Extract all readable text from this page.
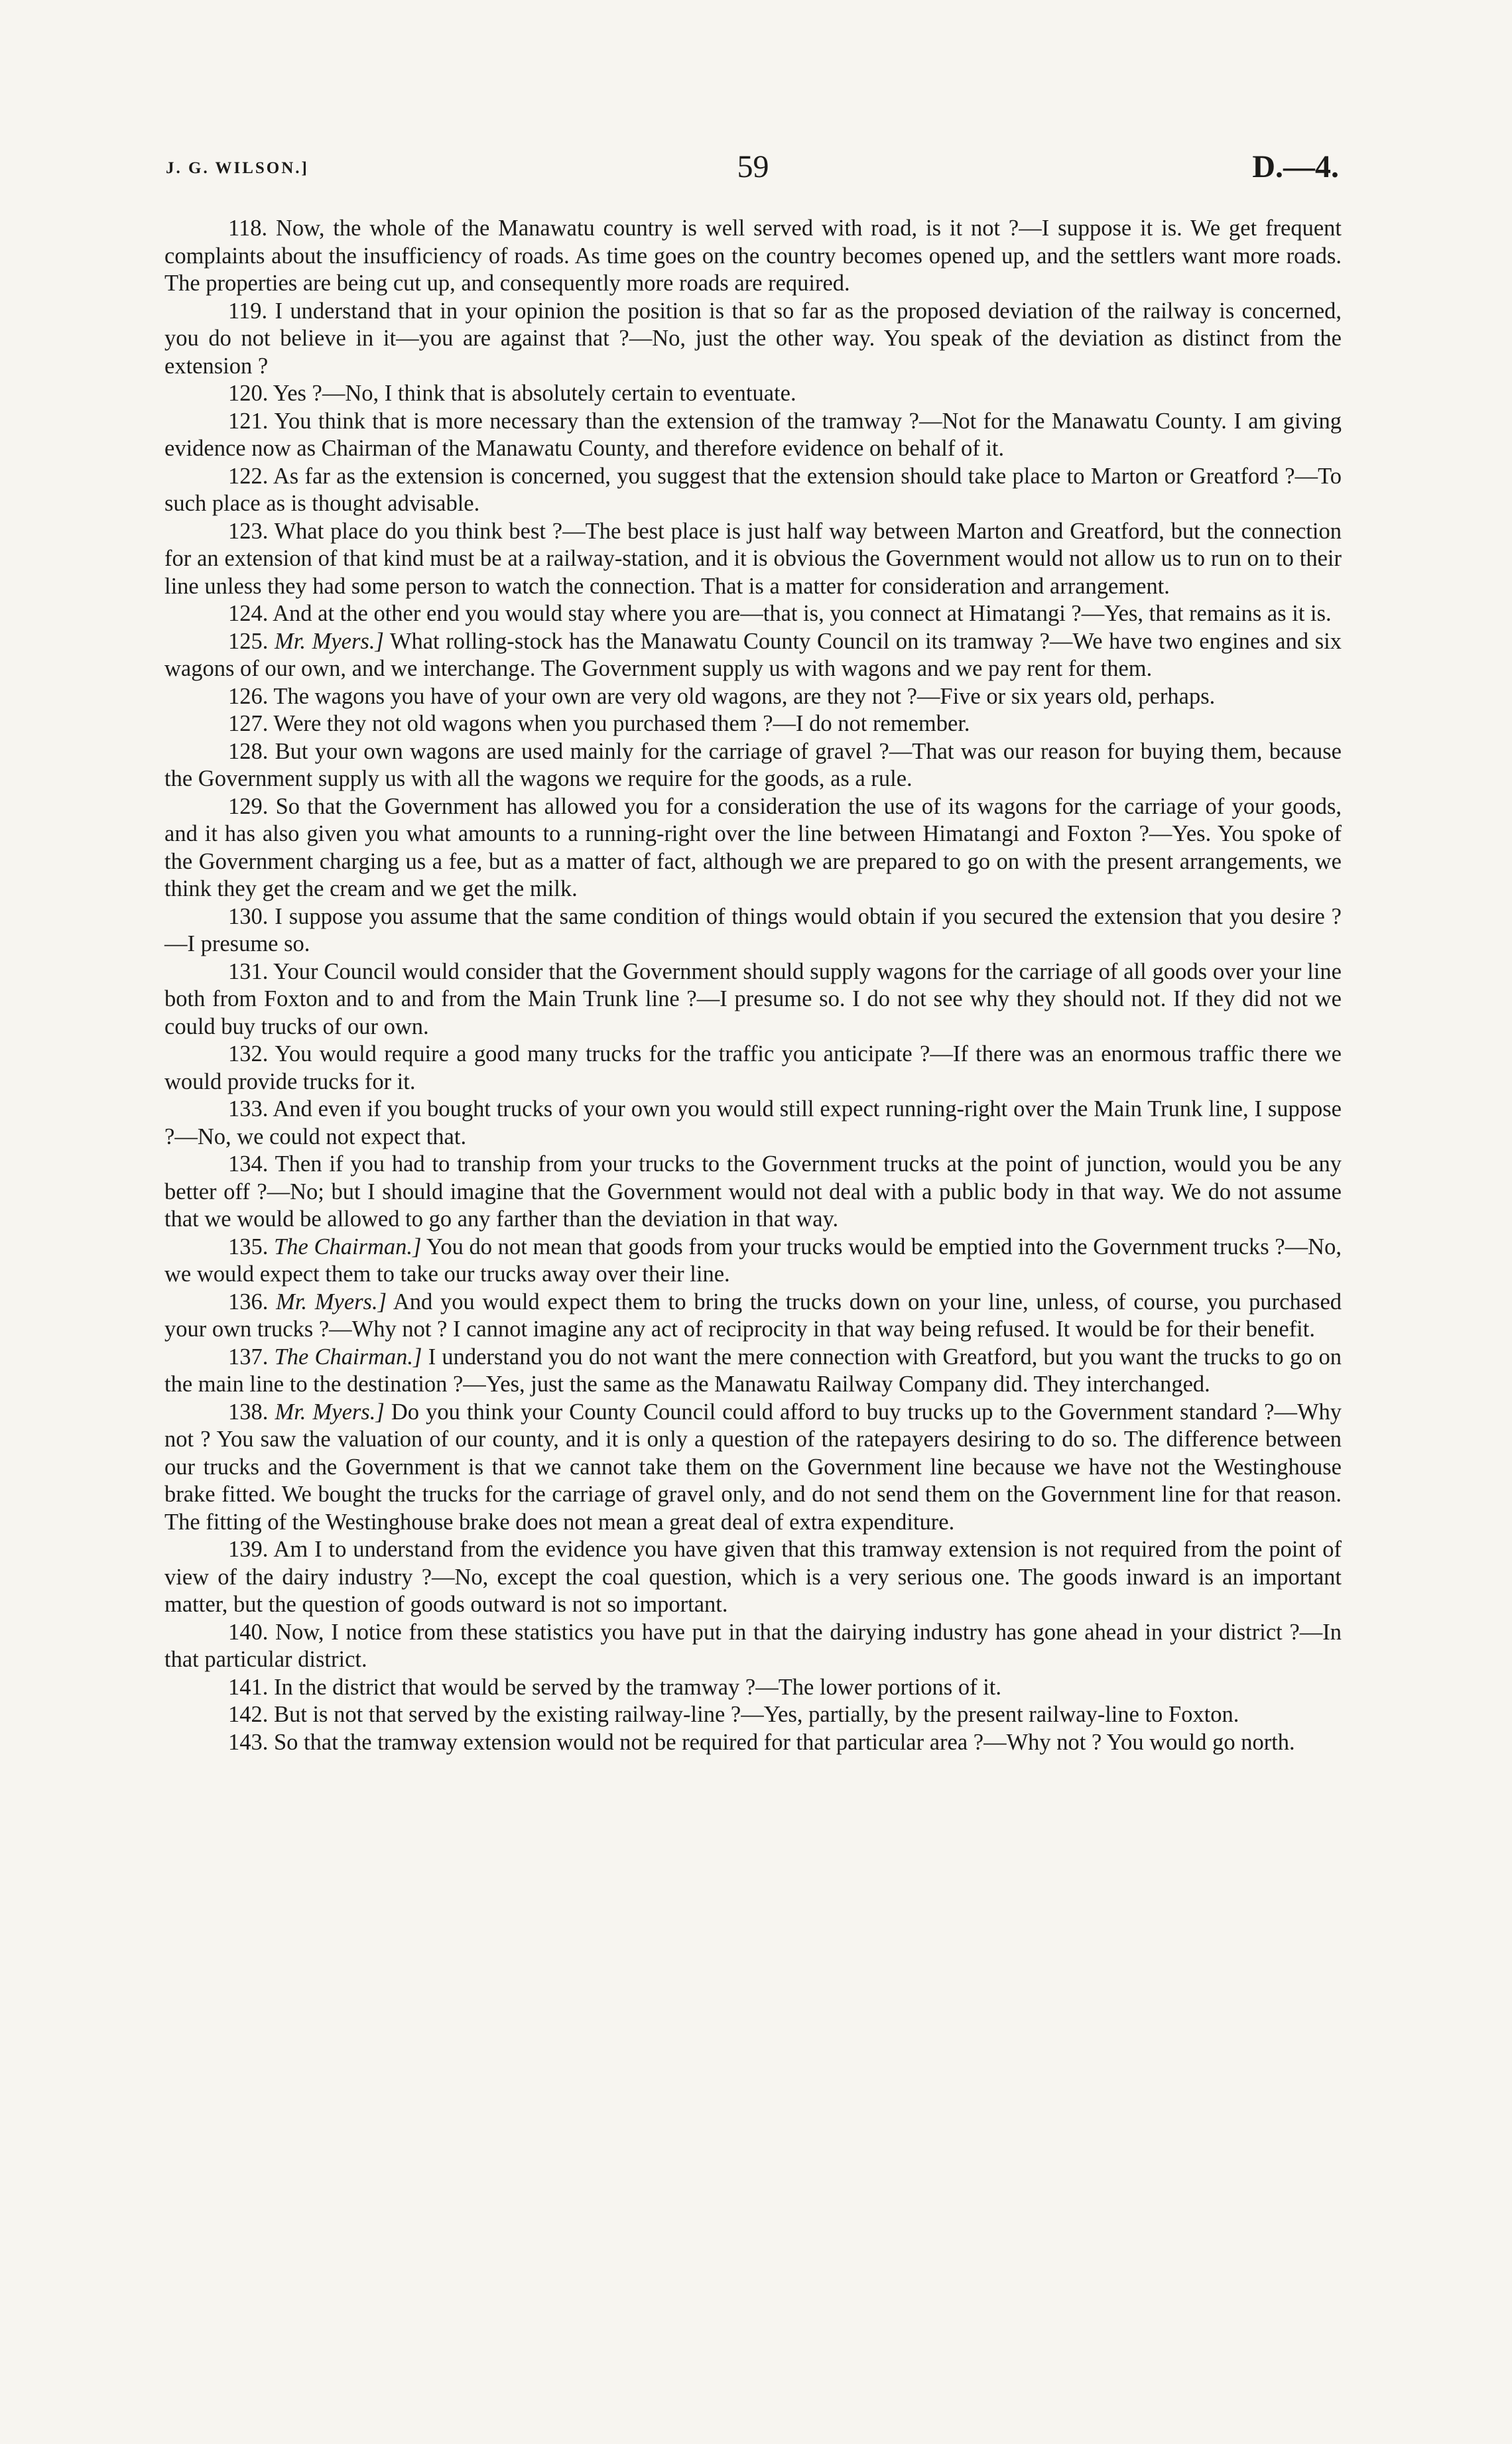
J. G. WILSON.]	59	D.—4.

118. Now, the whole of the Manawatu country is well served with road, is it not ?—I suppose it is. We get frequent complaints about the insufficiency of roads. As time goes on the country becomes opened up, and the settlers want more roads. The properties are being cut up, and consequently more roads are required.

119. I understand that in your opinion the position is that so far as the proposed deviation of the railway is concerned, you do not believe in it—you are against that ?—No, just the other way. You speak of the deviation as distinct from the extension ?

120. Yes ?—No, I think that is absolutely certain to eventuate.

121. You think that is more necessary than the extension of the tramway ?—Not for the Manawatu County. I am giving evidence now as Chairman of the Manawatu County, and therefore evidence on behalf of it.

122. As far as the extension is concerned, you suggest that the extension should take place to Marton or Greatford ?—To such place as is thought advisable.

123. What place do you think best ?—The best place is just half way between Marton and Greatford, but the connection for an extension of that kind must be at a railway-station, and it is obvious the Government would not allow us to run on to their line unless they had some person to watch the connection. That is a matter for consideration and arrangement.

124. And at the other end you would stay where you are—that is, you connect at Himatangi ?—Yes, that remains as it is.

125. Mr. Myers.] What rolling-stock has the Manawatu County Council on its tramway ?—We have two engines and six wagons of our own, and we interchange. The Government supply us with wagons and we pay rent for them.

126. The wagons you have of your own are very old wagons, are they not ?—Five or six years old, perhaps.

127. Were they not old wagons when you purchased them ?—I do not remember.

128. But your own wagons are used mainly for the carriage of gravel ?—That was our reason for buying them, because the Government supply us with all the wagons we require for the goods, as a rule.

129. So that the Government has allowed you for a consideration the use of its wagons for the carriage of your goods, and it has also given you what amounts to a running-right over the line between Himatangi and Foxton ?—Yes. You spoke of the Government charging us a fee, but as a matter of fact, although we are prepared to go on with the present arrangements, we think they get the cream and we get the milk.

130. I suppose you assume that the same condition of things would obtain if you secured the extension that you desire ?—I presume so.

131. Your Council would consider that the Government should supply wagons for the carriage of all goods over your line both from Foxton and to and from the Main Trunk line ?—I presume so. I do not see why they should not. If they did not we could buy trucks of our own.

132. You would require a good many trucks for the traffic you anticipate ?—If there was an enormous traffic there we would provide trucks for it.

133. And even if you bought trucks of your own you would still expect running-right over the Main Trunk line, I suppose ?—No, we could not expect that.

134. Then if you had to tranship from your trucks to the Government trucks at the point of junction, would you be any better off ?—No; but I should imagine that the Government would not deal with a public body in that way. We do not assume that we would be allowed to go any farther than the deviation in that way.

135. The Chairman.] You do not mean that goods from your trucks would be emptied into the Government trucks ?—No, we would expect them to take our trucks away over their line.

136. Mr. Myers.] And you would expect them to bring the trucks down on your line, unless, of course, you purchased your own trucks ?—Why not ? I cannot imagine any act of reciprocity in that way being refused. It would be for their benefit.

137. The Chairman.] I understand you do not want the mere connection with Greatford, but you want the trucks to go on the main line to the destination ?—Yes, just the same as the Manawatu Railway Company did. They interchanged.

138. Mr. Myers.] Do you think your County Council could afford to buy trucks up to the Government standard ?—Why not ? You saw the valuation of our county, and it is only a question of the ratepayers desiring to do so. The difference between our trucks and the Government is that we cannot take them on the Government line because we have not the Westinghouse brake fitted. We bought the trucks for the carriage of gravel only, and do not send them on the Government line for that reason. The fitting of the Westinghouse brake does not mean a great deal of extra expenditure.

139. Am I to understand from the evidence you have given that this tramway extension is not required from the point of view of the dairy industry ?—No, except the coal question, which is a very serious one. The goods inward is an important matter, but the question of goods outward is not so important.

140. Now, I notice from these statistics you have put in that the dairying industry has gone ahead in your district ?—In that particular district.

141. In the district that would be served by the tramway ?—The lower portions of it.

142. But is not that served by the existing railway-line ?—Yes, partially, by the present railway-line to Foxton.

143. So that the tramway extension would not be required for that particular area ?—Why not ? You would go north.
